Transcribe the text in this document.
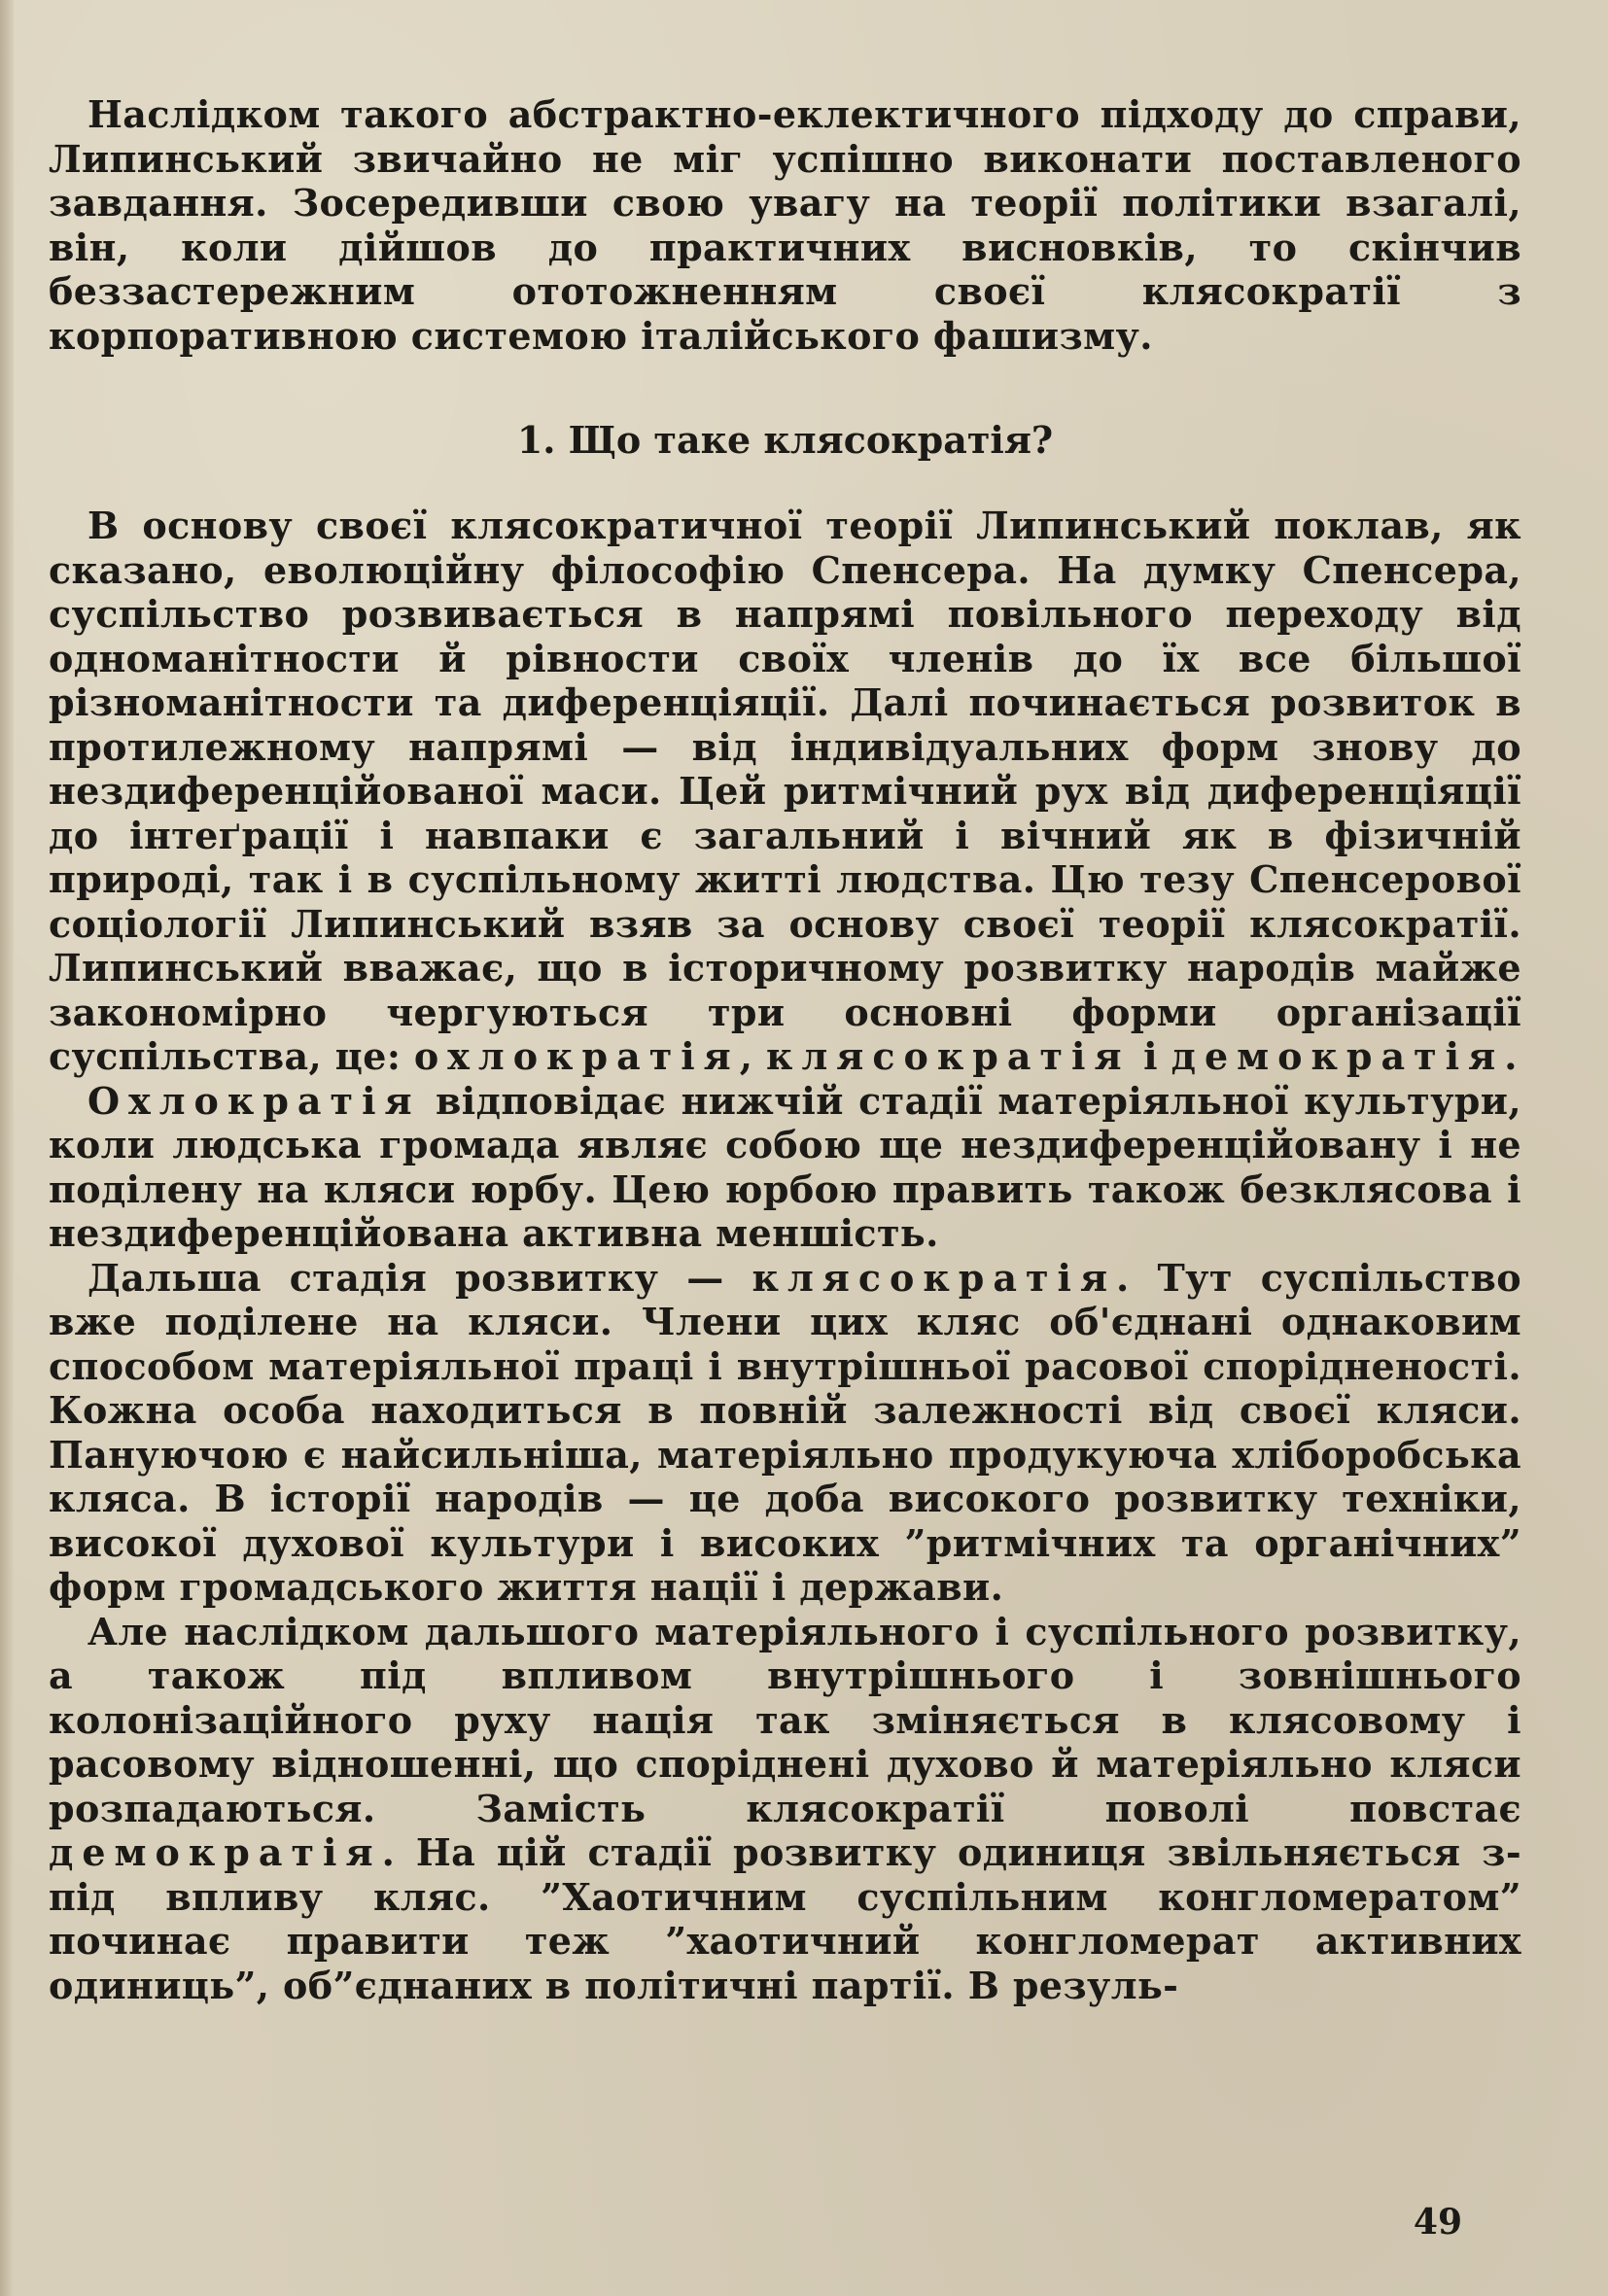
Наслідком такого абстрактно-еклектичного підходу до справи, Липинський звичайно не міг успішно виконати поставленого завдання. Зосередивши свою увагу на теорії політики взагалі, він, коли дійшов до практичних висновків, то скінчив беззастережним ототожненням своєї клясократії з корпоративною системою італійського фашизму.

1. Що таке клясократія?

В основу своєї клясократичної теорії Липинський поклав, як сказано, еволюційну філософію Спенсера. На думку Спенсера, суспільство розвивається в напрямі повільного переходу від одноманітности й рівности своїх членів до їх все більшої різноманітности та диференціяції. Далі починається розвиток в протилежному напрямі — від індивідуальних форм знову до нездиференційованої маси. Цей ритмічний рух від диференціяції до інтеґрації і навпаки є загальний і вічний як в фізичній природі, так і в суспільному житті людства. Цю тезу Спенсерової соціології Липинський взяв за основу своєї теорії клясократії. Липинський вважає, що в історичному розвитку народів майже закономірно чергуються три основні форми організації суспільства, це: охлократія, клясократія і демократія.

Охлократія відповідає нижчій стадії матеріяльної культури, коли людська громада являє собою ще нездиференційовану і не поділену на кляси юрбу. Цею юрбою править також безклясова і нездиференційована активна меншість.

Дальша стадія розвитку — клясократія. Тут суспільство вже поділене на кляси. Члени цих кляс об'єднані однаковим способом матеріяльної праці і внутрішньої расової спорідненості. Кожна особа находиться в повній залежності від своєї кляси. Пануючою є найсильніша, матеріяльно продукуюча хліборобська кляса. В історії народів — це доба високого розвитку техніки, високої духової культури і високих ”ритмічних та органічних” форм громадського життя нації і держави.

Але наслідком дальшого матеріяльного і суспільного розвитку, а також під впливом внутрішнього і зовнішнього колонізаційного руху нація так зміняється в клясовому і расовому відношенні, що споріднені духово й матеріяльно кляси розпадаються. Замість клясократії поволі повстає демократія. На цій стадії розвитку одиниця звільняється з-під впливу кляс. ”Хаотичним суспільним конгломератом” починає правити теж ”хаотичний конгломерат активних одиниць”, об”єднаних в політичні партії. В резуль-

49
